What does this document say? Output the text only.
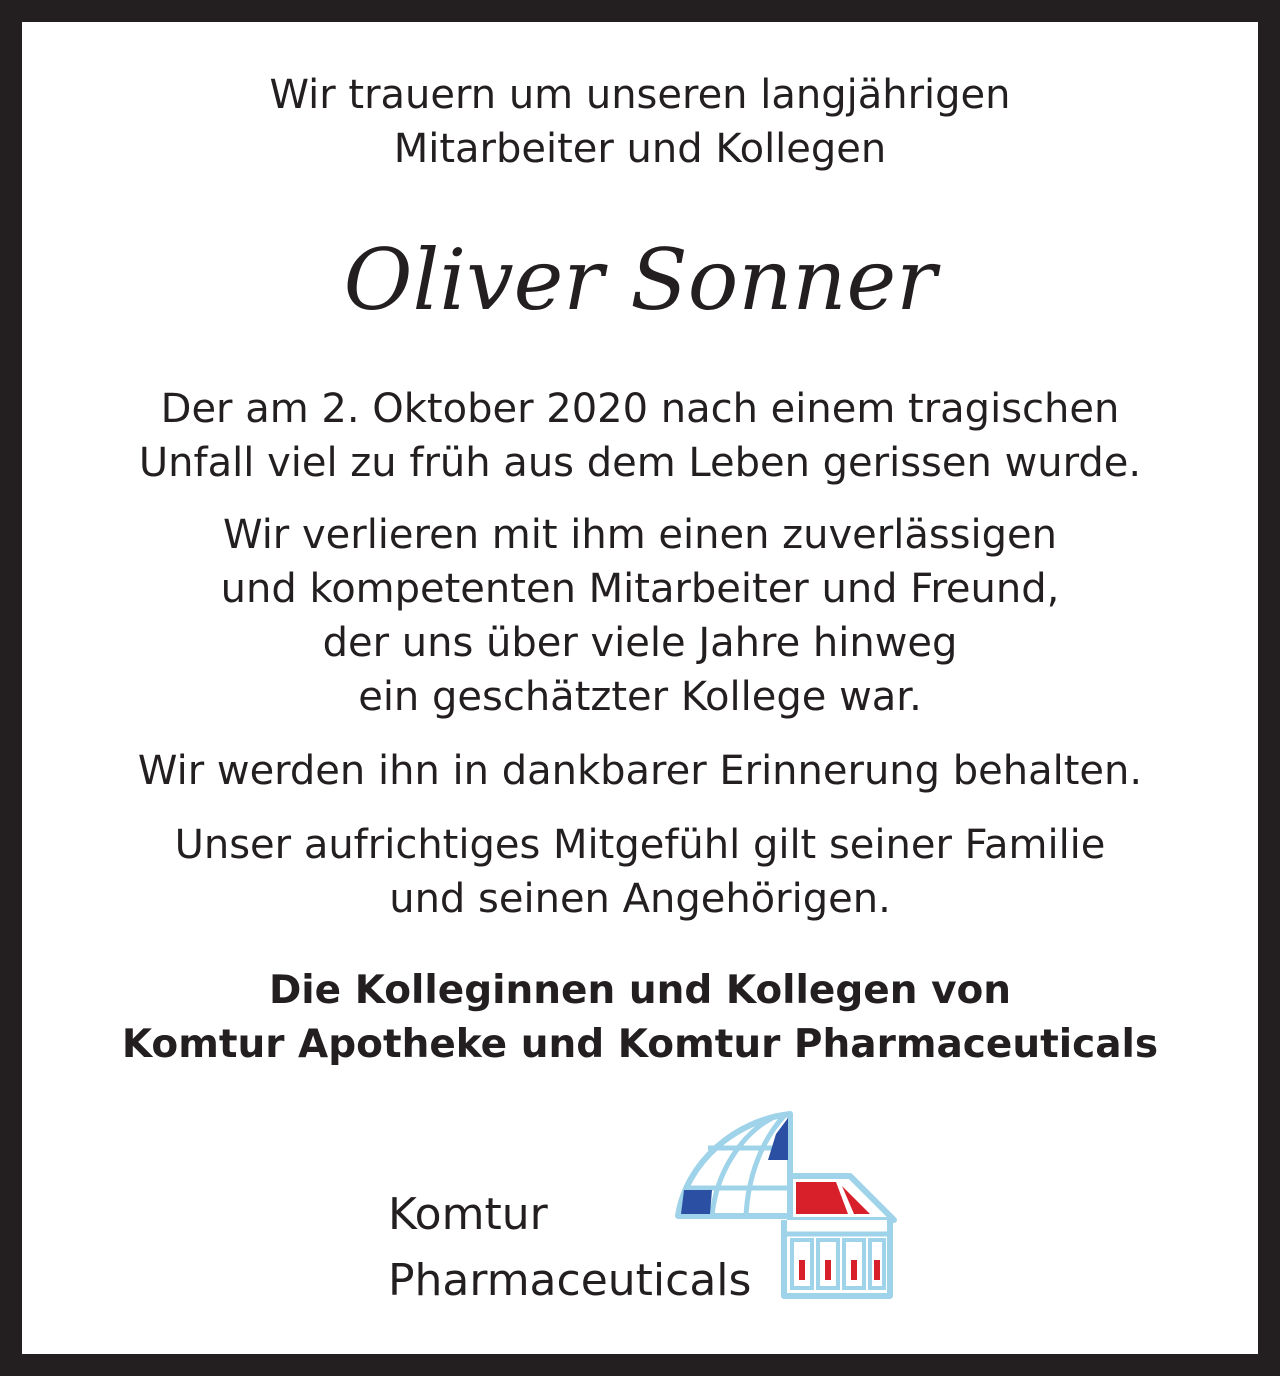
Wir trauern um unseren langjährigen
Mitarbeiter und Kollegen
Oliver Sonner
Der am 2. Oktober 2020 nach einem tragischen
Unfall viel zu früh aus dem Leben gerissen wurde.
Wir verlieren mit ihm einen zuverlässigen
und kompetenten Mitarbeiter und Freund,
der uns über viele Jahre hinweg
ein geschätzter Kollege war.
Wir werden ihn in dankbarer Erinnerung behalten.
Unser aufrichtiges Mitgefühl gilt seiner Familie
und seinen Angehörigen.
Die Kolleginnen und Kollegen von
Komtur Apotheke und Komtur Pharmaceuticals
Komtur
Pharmaceuticals
